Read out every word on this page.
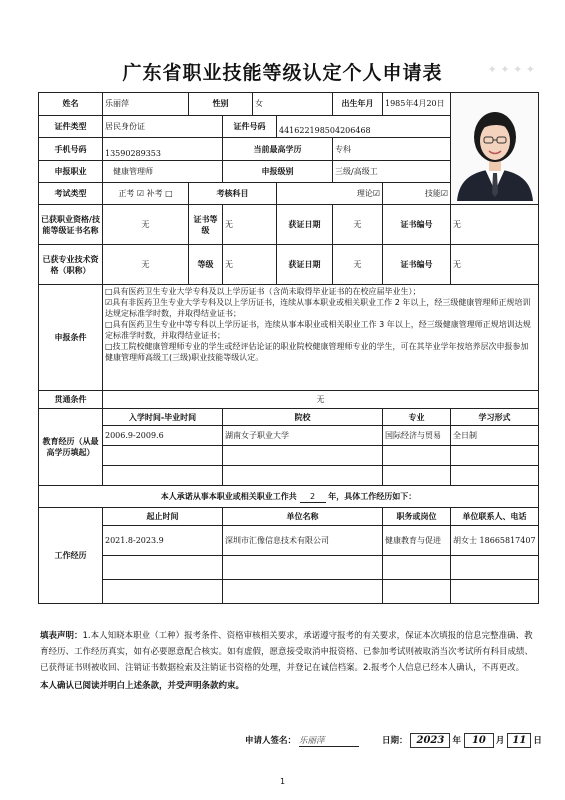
广东省职业技能等级认定个人申请表	✦ ✦ ✦ ✦
姓名	乐丽萍	性别		女		出生年月	1985年4月20日	
证件类型	居民身份证		证件号码		441622198504206468			
手机号码	13590289353		当前最高学历			专科		
申报职业	健康管理师		申报级别			三级/高级工		
考试类型	正考 ☑ 补考 □	考核科目			理论☑		技能☑	
已获职业资格/技能等级证书名称	无	证书等级	无		获证日期	无	证书编号	无
已获专业技术资格（职称）	无	等级	无		获证日期	无	证书编号	无
申报条件	□具有医药卫生专业大学专科及以上学历证书（含尚未取得毕业证书的在校应届毕业生）；
☑具有非医药卫生专业大学专科及以上学历证书，连续从事本职业或相关职业工作 2 年以上，经三级健康管理师正规培训达规定标准学时数，并取得结业证书；
□具有医药卫生专业中等专科以上学历证书，连续从事本职业或相关职业工作 3 年以上，经三级健康管理师正规培训达规定标准学时数，并取得结业证书；
□技工院校健康管理师专业的学生或经评估论证的职业院校健康管理师专业的学生，可在其毕业学年按培养层次申报参加健康管理师高级工(三级)职业技能等级认定。							

贯通条件	无							
教育经历（从最高学历填起）	入学时间-毕业时间		院校				专业	学习形式
	2006.9-2009.6		湖南女子职业大学				国际经济与贸易	全日制

本人承诺从事本职业或相关职业工作共 2 年，具体工作经历如下：								
工作经历	起止时间		单位名称				职务或岗位	单位联系人、电话
	2021.8-2023.9		深圳市汇像信息技术有限公司				健康教育与促进	胡女士 18665817407

填表声明：1.本人知晓本职业（工种）报考条件、资格审核相关要求，承诺遵守报考的有关要求，保证本次填报的信息完整准确、教育经历、工作经历真实，如有必要愿意配合核实。如有虚假，愿意接受取消申报资格、已参加考试则被取消当次考试所有科目成绩、已获得证书则被收回、注销证书数据检索及注销证书资格的处理，并登记在诚信档案。2.报考个人信息已经本人确认，不再更改。
本人确认已阅读并明白上述条款，并受声明条款约束。
申请人签名： 乐丽萍	日期： 2023 年 10 月 11 日
1
